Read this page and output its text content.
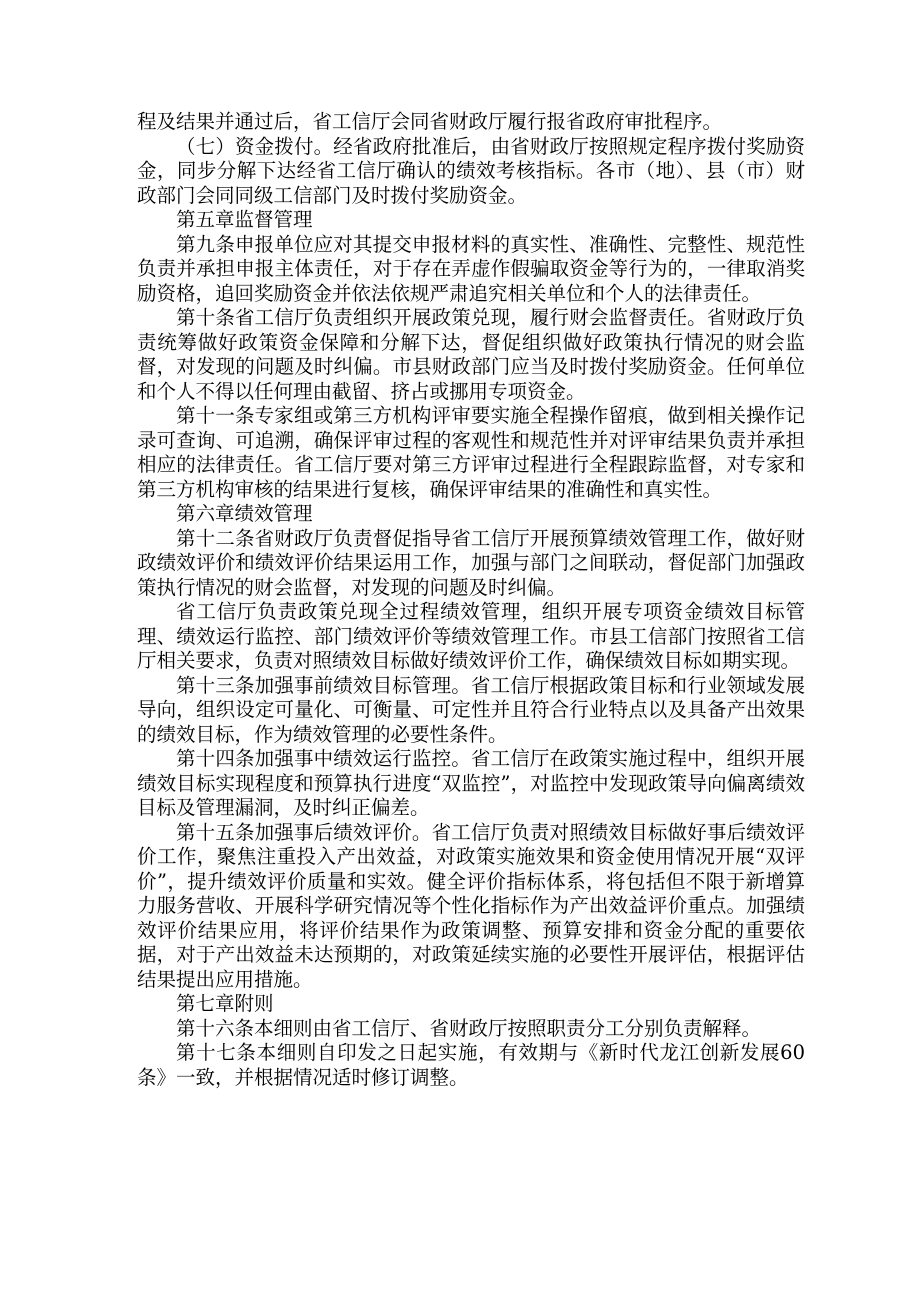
程及结果并通过后，省工信厅会同省财政厅履行报省政府审批程序。

（七）资金拨付。经省政府批准后，由省财政厅按照规定程序拨付奖励资金，同步分解下达经省工信厅确认的绩效考核指标。各市（地）、县（市）财政部门会同同级工信部门及时拨付奖励资金。

第五章监督管理

第九条申报单位应对其提交申报材料的真实性、准确性、完整性、规范性负责并承担申报主体责任，对于存在弄虚作假骗取资金等行为的，一律取消奖励资格，追回奖励资金并依法依规严肃追究相关单位和个人的法律责任。

第十条省工信厅负责组织开展政策兑现，履行财会监督责任。省财政厅负责统筹做好政策资金保障和分解下达，督促组织做好政策执行情况的财会监督，对发现的问题及时纠偏。市县财政部门应当及时拨付奖励资金。任何单位和个人不得以任何理由截留、挤占或挪用专项资金。

第十一条专家组或第三方机构评审要实施全程操作留痕，做到相关操作记录可查询、可追溯，确保评审过程的客观性和规范性并对评审结果负责并承担相应的法律责任。省工信厅要对第三方评审过程进行全程跟踪监督，对专家和第三方机构审核的结果进行复核，确保评审结果的准确性和真实性。

第六章绩效管理

第十二条省财政厅负责督促指导省工信厅开展预算绩效管理工作，做好财政绩效评价和绩效评价结果运用工作，加强与部门之间联动，督促部门加强政策执行情况的财会监督，对发现的问题及时纠偏。

省工信厅负责政策兑现全过程绩效管理，组织开展专项资金绩效目标管理、绩效运行监控、部门绩效评价等绩效管理工作。市县工信部门按照省工信厅相关要求，负责对照绩效目标做好绩效评价工作，确保绩效目标如期实现。

第十三条加强事前绩效目标管理。省工信厅根据政策目标和行业领域发展导向，组织设定可量化、可衡量、可定性并且符合行业特点以及具备产出效果的绩效目标，作为绩效管理的必要性条件。

第十四条加强事中绩效运行监控。省工信厅在政策实施过程中，组织开展绩效目标实现程度和预算执行进度“双监控”，对监控中发现政策导向偏离绩效目标及管理漏洞，及时纠正偏差。

第十五条加强事后绩效评价。省工信厅负责对照绩效目标做好事后绩效评价工作，聚焦注重投入产出效益，对政策实施效果和资金使用情况开展“双评价”，提升绩效评价质量和实效。健全评价指标体系，将包括但不限于新增算力服务营收、开展科学研究情况等个性化指标作为产出效益评价重点。加强绩效评价结果应用，将评价结果作为政策调整、预算安排和资金分配的重要依据，对于产出效益未达预期的，对政策延续实施的必要性开展评估，根据评估结果提出应用措施。

第七章附则

第十六条本细则由省工信厅、省财政厅按照职责分工分别负责解释。

第十七条本细则自印发之日起实施，有效期与《新时代龙江创新发展60条》一致，并根据情况适时修订调整。
